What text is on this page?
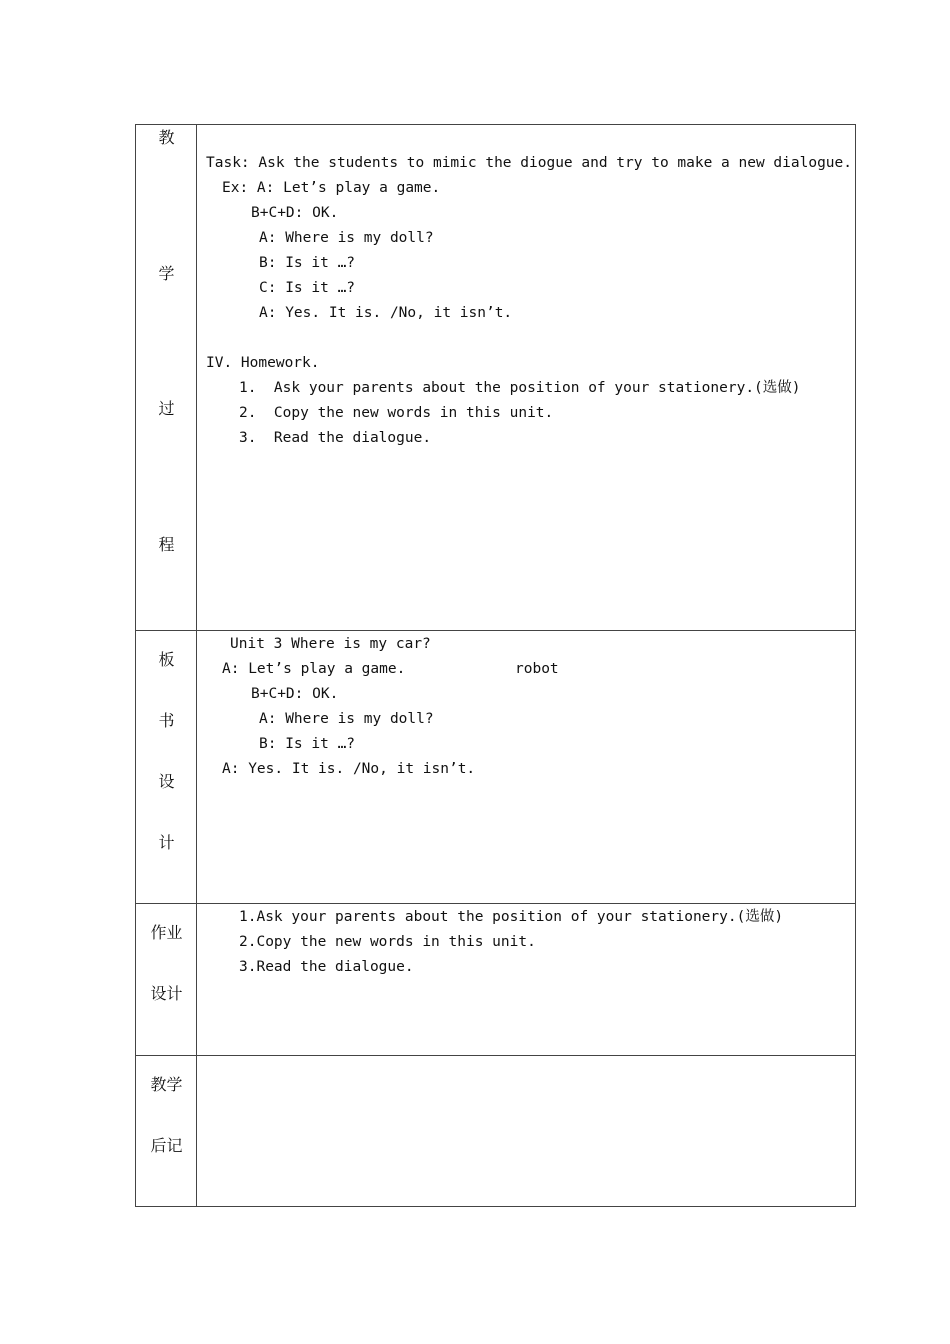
教
学
过
程
Task: Ask the students to mimic the diogue and try to make a new dialogue.
Ex: A: Let’s play a game.
B+C+D: OK.
A: Where is my doll?
B: Is it …?
C: Is it …?
A: Yes. It is. /No, it isn’t.
IV. Homework.
1.  Ask your parents about the position of your stationery.(选做)
2.  Copy the new words in this unit.
3.  Read the dialogue.
板
书
设
计
Unit 3 Where is my car?
A: Let’s play a game.	robot
B+C+D: OK.
A: Where is my doll?
B: Is it …?
A: Yes. It is. /No, it isn’t.
作业
设计
1.Ask your parents about the position of your stationery.(选做)
2.Copy the new words in this unit.
3.Read the dialogue.
教学
后记
